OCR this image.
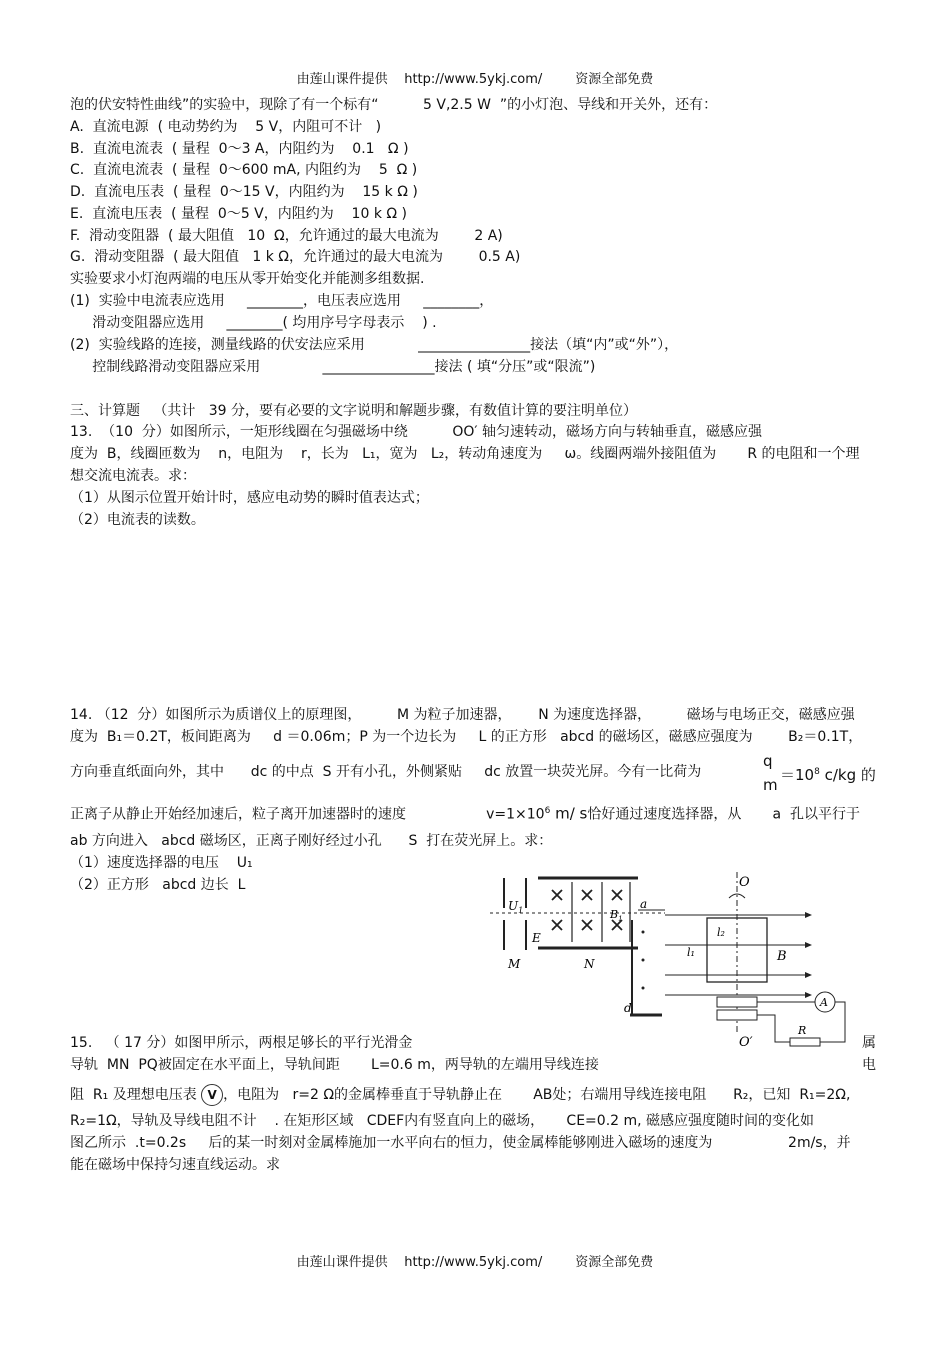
由莲山课件提供    http://www.5ykj.com/        资源全部免费
泡的伏安特性曲线”的实验中，现除了有一个标有“          5 V,2.5 W  ”的小灯泡、导线和开关外，还有：
A.  直流电源  ( 电动势约为    5 V，内阻可不计   )
B.  直流电流表  ( 量程  0～3 A，内阻约为    0.1   Ω )
C.  直流电流表  ( 量程  0～600 mA, 内阻约为    5  Ω )
D.  直流电压表  ( 量程  0～15 V，内阻约为    15 k Ω )
E.  直流电压表  ( 量程  0～5 V，内阻约为    10 k Ω )
F.  滑动变阻器  ( 最大阻值   10  Ω，允许通过的最大电流为        2 A)
G.  滑动变阻器  ( 最大阻值   1 k Ω，允许通过的最大电流为        0.5 A)
实验要求小灯泡两端的电压从零开始变化并能测多组数据.
(1)  实验中电流表应选用     ________，电压表应选用     ________，
滑动变阻器应选用     ________( 均用序号字母表示    ) .
(2)  实验线路的连接，测量线路的伏安法应采用            ________________接法（填“内”或“外”），
控制线路滑动变阻器应采用              ________________接法 ( 填“分压”或“限流”)
三、计算题   （共计   39 分，要有必要的文字说明和解题步骤，有数值计算的要注明单位）
13.  （10  分）如图所示，一矩形线圈在匀强磁场中绕          OO′ 轴匀速转动，磁场方向与转轴垂直，磁感应强
度为  B，线圈匝数为    n，电阻为    r，长为   L₁，宽为   L₂，转动角速度为     ω。线圈两端外接阻值为       R 的电阻和一个理
想交流电流表。求：
（1）从图示位置开始计时，感应电动势的瞬时值表达式；
（2）电流表的读数。
14. （12  分）如图所示为质谱仪上的原理图，        M 为粒子加速器，      N 为速度选择器，        磁场与电场正交，磁感应强
度为  B₁＝0.2T，板间距离为     d ＝0.06m；P 为一个边长为     L 的正方形   abcd 的磁场区，磁感应强度为        B₂＝0.1T，
方向垂直纸面向外，其中      dc 的中点  S 开有小孔，外侧紧贴     dc 放置一块荧光屏。今有一比荷为
q
m
$=10^8$ c/kg 的
正离子从静止开始经加速后，粒子离开加速器时的速度                  $v=1\times 10^6$ m/ s恰好通过速度选择器，从       a  孔以平行于
ab 方向进入   abcd 磁场区，正离子刚好经过小孔      S  打在荧光屏上。求：
（1）速度选择器的电压    U₁
（2）正方形   abcd 边长  L
$U_1$
E
M	N
a
d
$B_1$
A
R
O
O′
l₂
l₁	B
15.   （ 17 分）如图甲所示，两根足够长的平行光滑金	属
导轨  MN  PQ被固定在水平面上，导轨间距       L=0.6 m，两导轨的左端用导线连接	电
阻  R₁ 及理想电压表 V ，电阻为   r=2 Ω的金属棒垂直于导轨静止在       AB处；右端用导线连接电阻      R₂，已知  R₁=2Ω,
R₂=1Ω，导轨及导线电阻不计    . 在矩形区域   CDEF内有竖直向上的磁场，     CE=0.2 m, 磁感应强度随时间的变化如
图乙所示  .t=0.2s     后的某一时刻对金属棒施加一水平向右的恒力，使金属棒能够刚进入磁场的速度为                 2m/s，并
能在磁场中保持匀速直线运动。求
由莲山课件提供    http://www.5ykj.com/        资源全部免费
